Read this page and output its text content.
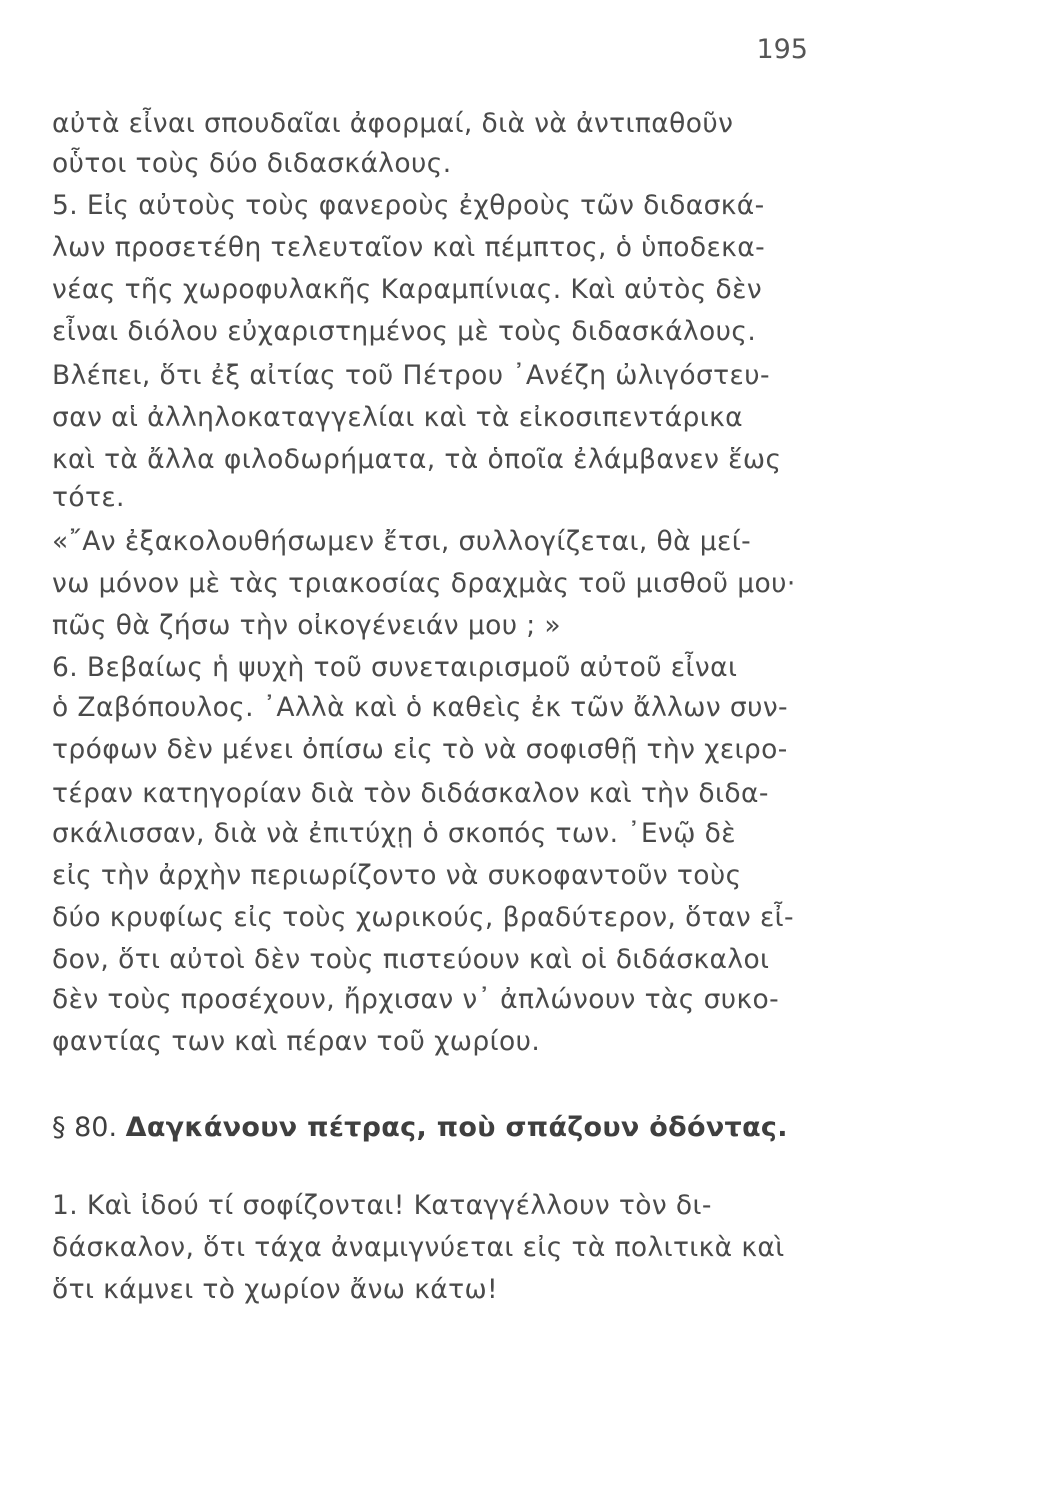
195
αὐτὰ εἶναι σπουδαῖαι ἀφορμαί, διὰ νὰ ἀντιπαθοῦν
οὗτοι τοὺς δύο διδασκάλους.
5. Εἰς αὐτοὺς τοὺς φανεροὺς ἐχθροὺς τῶν διδασκά-
λων προσετέθη τελευταῖον καὶ πέμπτος, ὁ ὑποδεκα-
νέας τῆς χωροφυλακῆς Καραμπίνιας. Καὶ αὐτὸς δὲν
εἶναι διόλου εὐχαριστημένος μὲ τοὺς διδασκάλους.
Βλέπει, ὅτι ἐξ αἰτίας τοῦ Πέτρου ᾿Ανέζη ὠλιγόστευ-
σαν αἱ ἀλληλοκαταγγελίαι καὶ τὰ εἰκοσιπεντάρικα
καὶ τὰ ἄλλα φιλοδωρήματα, τὰ ὁποῖα ἐλάμβανεν ἕως
τότε.
«῎Αν ἐξακολουθήσωμεν ἔτσι, συλλογίζεται, θὰ μεί-
νω μόνον μὲ τὰς τριακοσίας δραχμὰς τοῦ μισθοῦ μου·
πῶς θὰ ζήσω τὴν οἰκογένειάν μου ; »
6. Βεβαίως ἡ ψυχὴ τοῦ συνεταιρισμοῦ αὐτοῦ εἶναι
ὁ Ζαβόπουλος. ᾿Αλλὰ καὶ ὁ καθεὶς ἐκ τῶν ἄλλων συν-
τρόφων δὲν μένει ὀπίσω εἰς τὸ νὰ σοφισθῇ τὴν χειρο-
τέραν κατηγορίαν διὰ τὸν διδάσκαλον καὶ τὴν διδα-
σκάλισσαν, διὰ νὰ ἐπιτύχῃ ὁ σκοπός των. ᾿Ενῷ δὲ
εἰς τὴν ἀρχὴν περιωρίζοντο νὰ συκοφαντοῦν τοὺς
δύο κρυφίως εἰς τοὺς χωρικούς, βραδύτερον, ὅταν εἶ-
δον, ὅτι αὐτοὶ δὲν τοὺς πιστεύουν καὶ οἱ διδάσκαλοι
δὲν τοὺς προσέχουν, ἤρχισαν ν᾿ ἀπλώνουν τὰς συκο-
φαντίας των καὶ πέραν τοῦ χωρίου.
§ 80. Δαγκάνουν πέτρας, ποὺ σπάζουν ὀδόντας.
1. Καὶ ἰδού τί σοφίζονται! Καταγγέλλουν τὸν δι-
δάσκαλον, ὅτι τάχα ἀναμιγνύεται εἰς τὰ πολιτικὰ καὶ
ὅτι κάμνει τὸ χωρίον ἄνω κάτω!
